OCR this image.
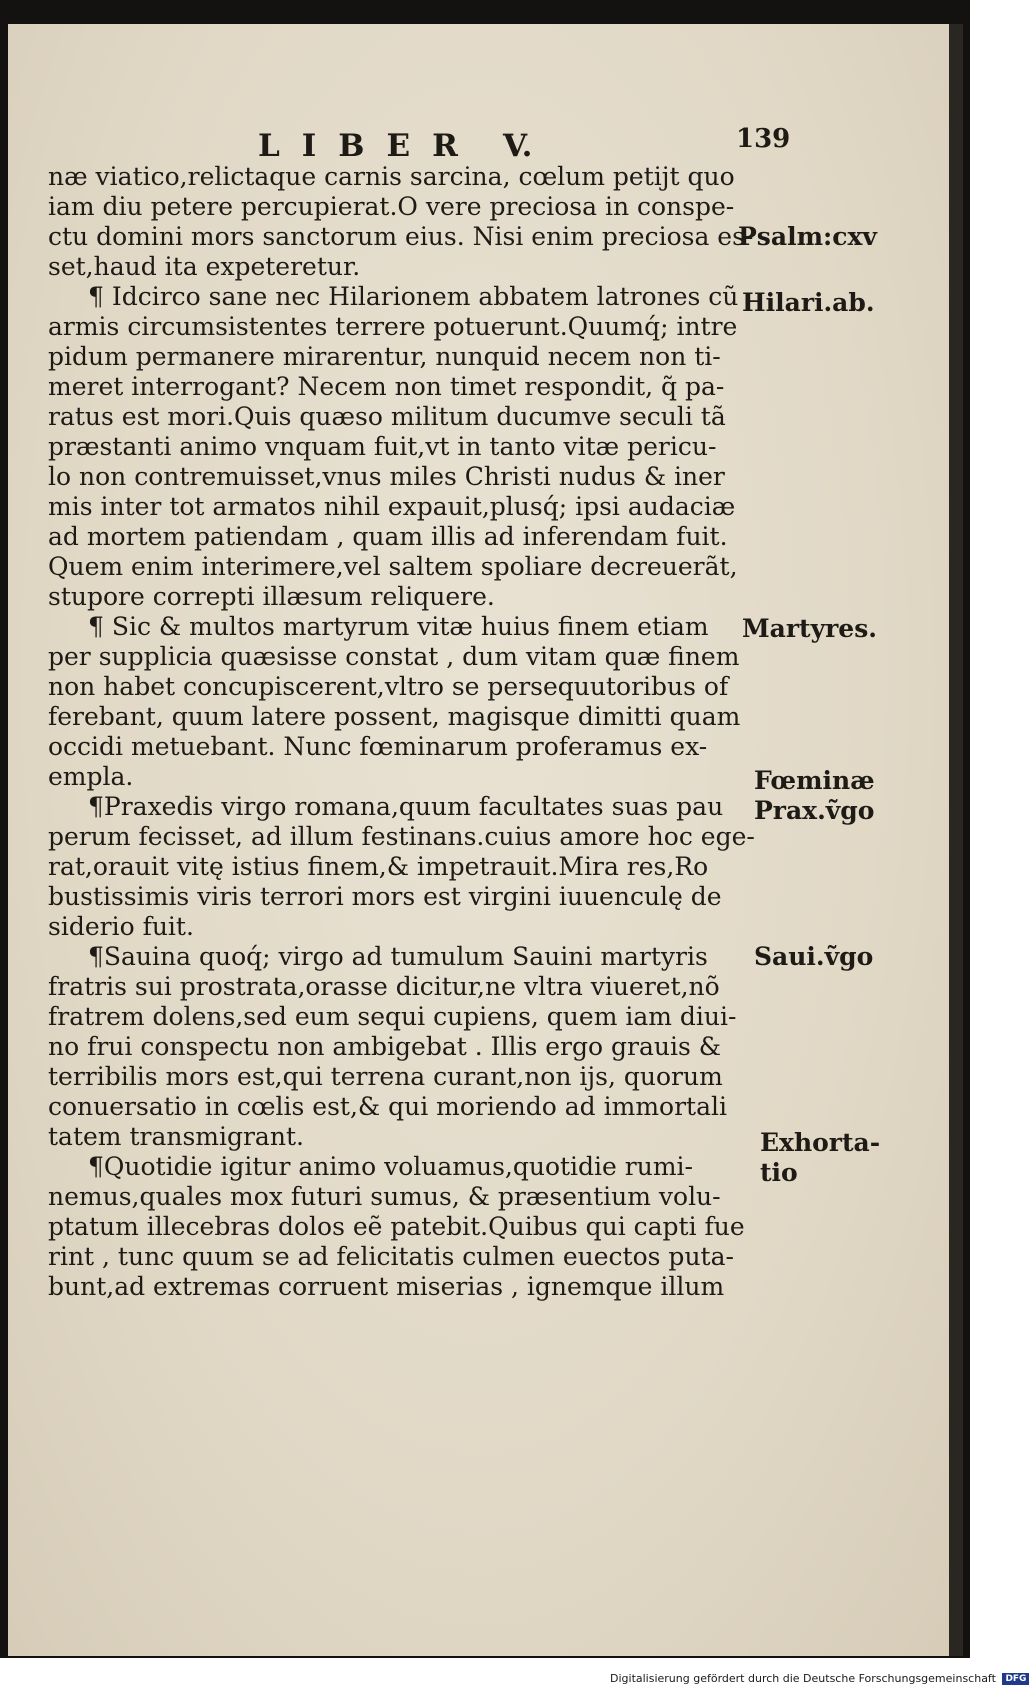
LIBER V.	139
næ viatico,relictaque carnis sarcina, cœlum petijt quo
iam diu petere percupierat.O vere preciosa in conspe-
ctu domini mors sanctorum eius. Nisi enim preciosa es-
set,haud ita expeteretur.
¶ Idcirco sane nec Hilarionem abbatem latrones cũ
armis circumsistentes terrere potuerunt.Quumq́; intre
pidum permanere mirarentur, nunquid necem non ti-
meret interrogant? Necem non timet respondit, q̃ pa-
ratus est mori.Quis quæso militum ducumve seculi tã
præstanti animo vnquam fuit,vt in tanto vitæ pericu-
lo non contremuisset,vnus miles Christi nudus & iner
mis inter tot armatos nihil expauit,plusq́; ipsi audaciæ
ad mortem patiendam , quam illis ad inferendam fuit.
Quem enim interimere,vel saltem spoliare decreuerãt,
stupore correpti illæsum reliquere.
¶ Sic & multos martyrum vitæ huius finem etiam
per supplicia quæsisse constat , dum vitam quæ finem
non habet concupiscerent,vltro se persequutoribus of
ferebant, quum latere possent, magisque dimitti quam
occidi metuebant. Nunc fœminarum proferamus ex-
empla.
¶Praxedis virgo romana,quum facultates suas pau
perum fecisset, ad illum festinans.cuius amore hoc ege-
rat,orauit vitę istius finem,& impetrauit.Mira res,Ro
bustissimis viris terrori mors est virgini iuuenculę de
siderio fuit.
¶Sauina quoq́; virgo ad tumulum Sauini martyris
fratris sui prostrata,orasse dicitur,ne vltra viueret,nõ
fratrem dolens,sed eum sequi cupiens, quem iam diui-
no frui conspectu non ambigebat . Illis ergo grauis &
terribilis mors est,qui terrena curant,non ijs, quorum
conuersatio in cœlis est,& qui moriendo ad immortali
tatem transmigrant.
¶Quotidie igitur animo voluamus,quotidie rumi-
nemus,quales mox futuri sumus, & præsentium volu-
ptatum illecebras dolos eẽ patebit.Quibus qui capti fue
rint , tunc quum se ad felicitatis culmen euectos puta-
bunt,ad extremas corruent miserias , ignemque illum
Psalm:cxv
Hilari.ab.
Martyres.
Fœminæ
Prax.ṽgo
Saui.ṽgo
Exhorta-
tio
Digitalisierung gefördert durch die Deutsche Forschungsgemeinschaft DFG
